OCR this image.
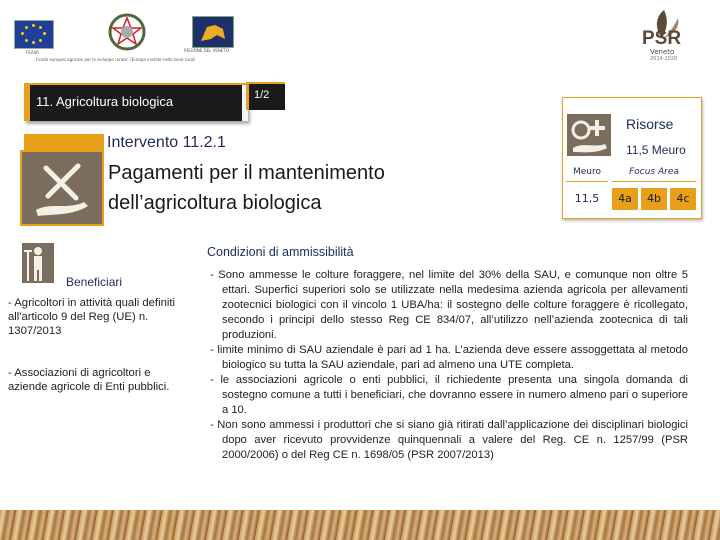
FEASR	REGIONE DEL VENETO
Fondo europeo agricolo per lo sviluppo rurale: l'Europa investe nelle zone rurali
PSR
Veneto
2014-2020
11. Agricoltura biologica	1/2
Intervento 11.2.1
Pagamenti per il mantenimento
dell’agricoltura biologica
Risorse
11,5 Meuro
Meuro	Focus Area
11,5	4a	4b	4c
Beneficiari
- Agricoltori in attività quali definiti all'articolo 9 del Reg (UE) n. 1307/2013
- Associazioni di agricoltori e aziende agricole di Enti pubblici.
Condizioni di ammissibilità

- Sono ammesse le colture foraggere, nel limite del 30% della SAU, e comunque non oltre 5 ettari. Superfici superiori solo se utilizzate nella medesima azienda agricola per allevamenti zootecnici biologici con il vincolo 1 UBA/ha: il sostegno delle colture foraggere è ricollegato, secondo i principi dello stesso Reg CE 834/07, all’utilizzo nell’azienda zootecnica di tali produzioni.

- limite minimo di SAU aziendale è pari ad 1 ha. L’azienda deve essere assoggettata al metodo biologico su tutta la SAU aziendale, pari ad almeno una UTE completa.

- le associazioni agricole o enti pubblici, il richiedente presenta una singola domanda di sostegno comune a tutti i beneficiari, che dovranno essere in numero almeno pari o superiore a 10.

- Non sono ammessi i produttori che si siano già ritirati dall’applicazione dei disciplinari biologici dopo aver ricevuto provvidenze quinquennali a valere del Reg. CE n. 1257/99 (PSR 2000/2006) o del Reg CE n. 1698/05 (PSR 2007/2013)
